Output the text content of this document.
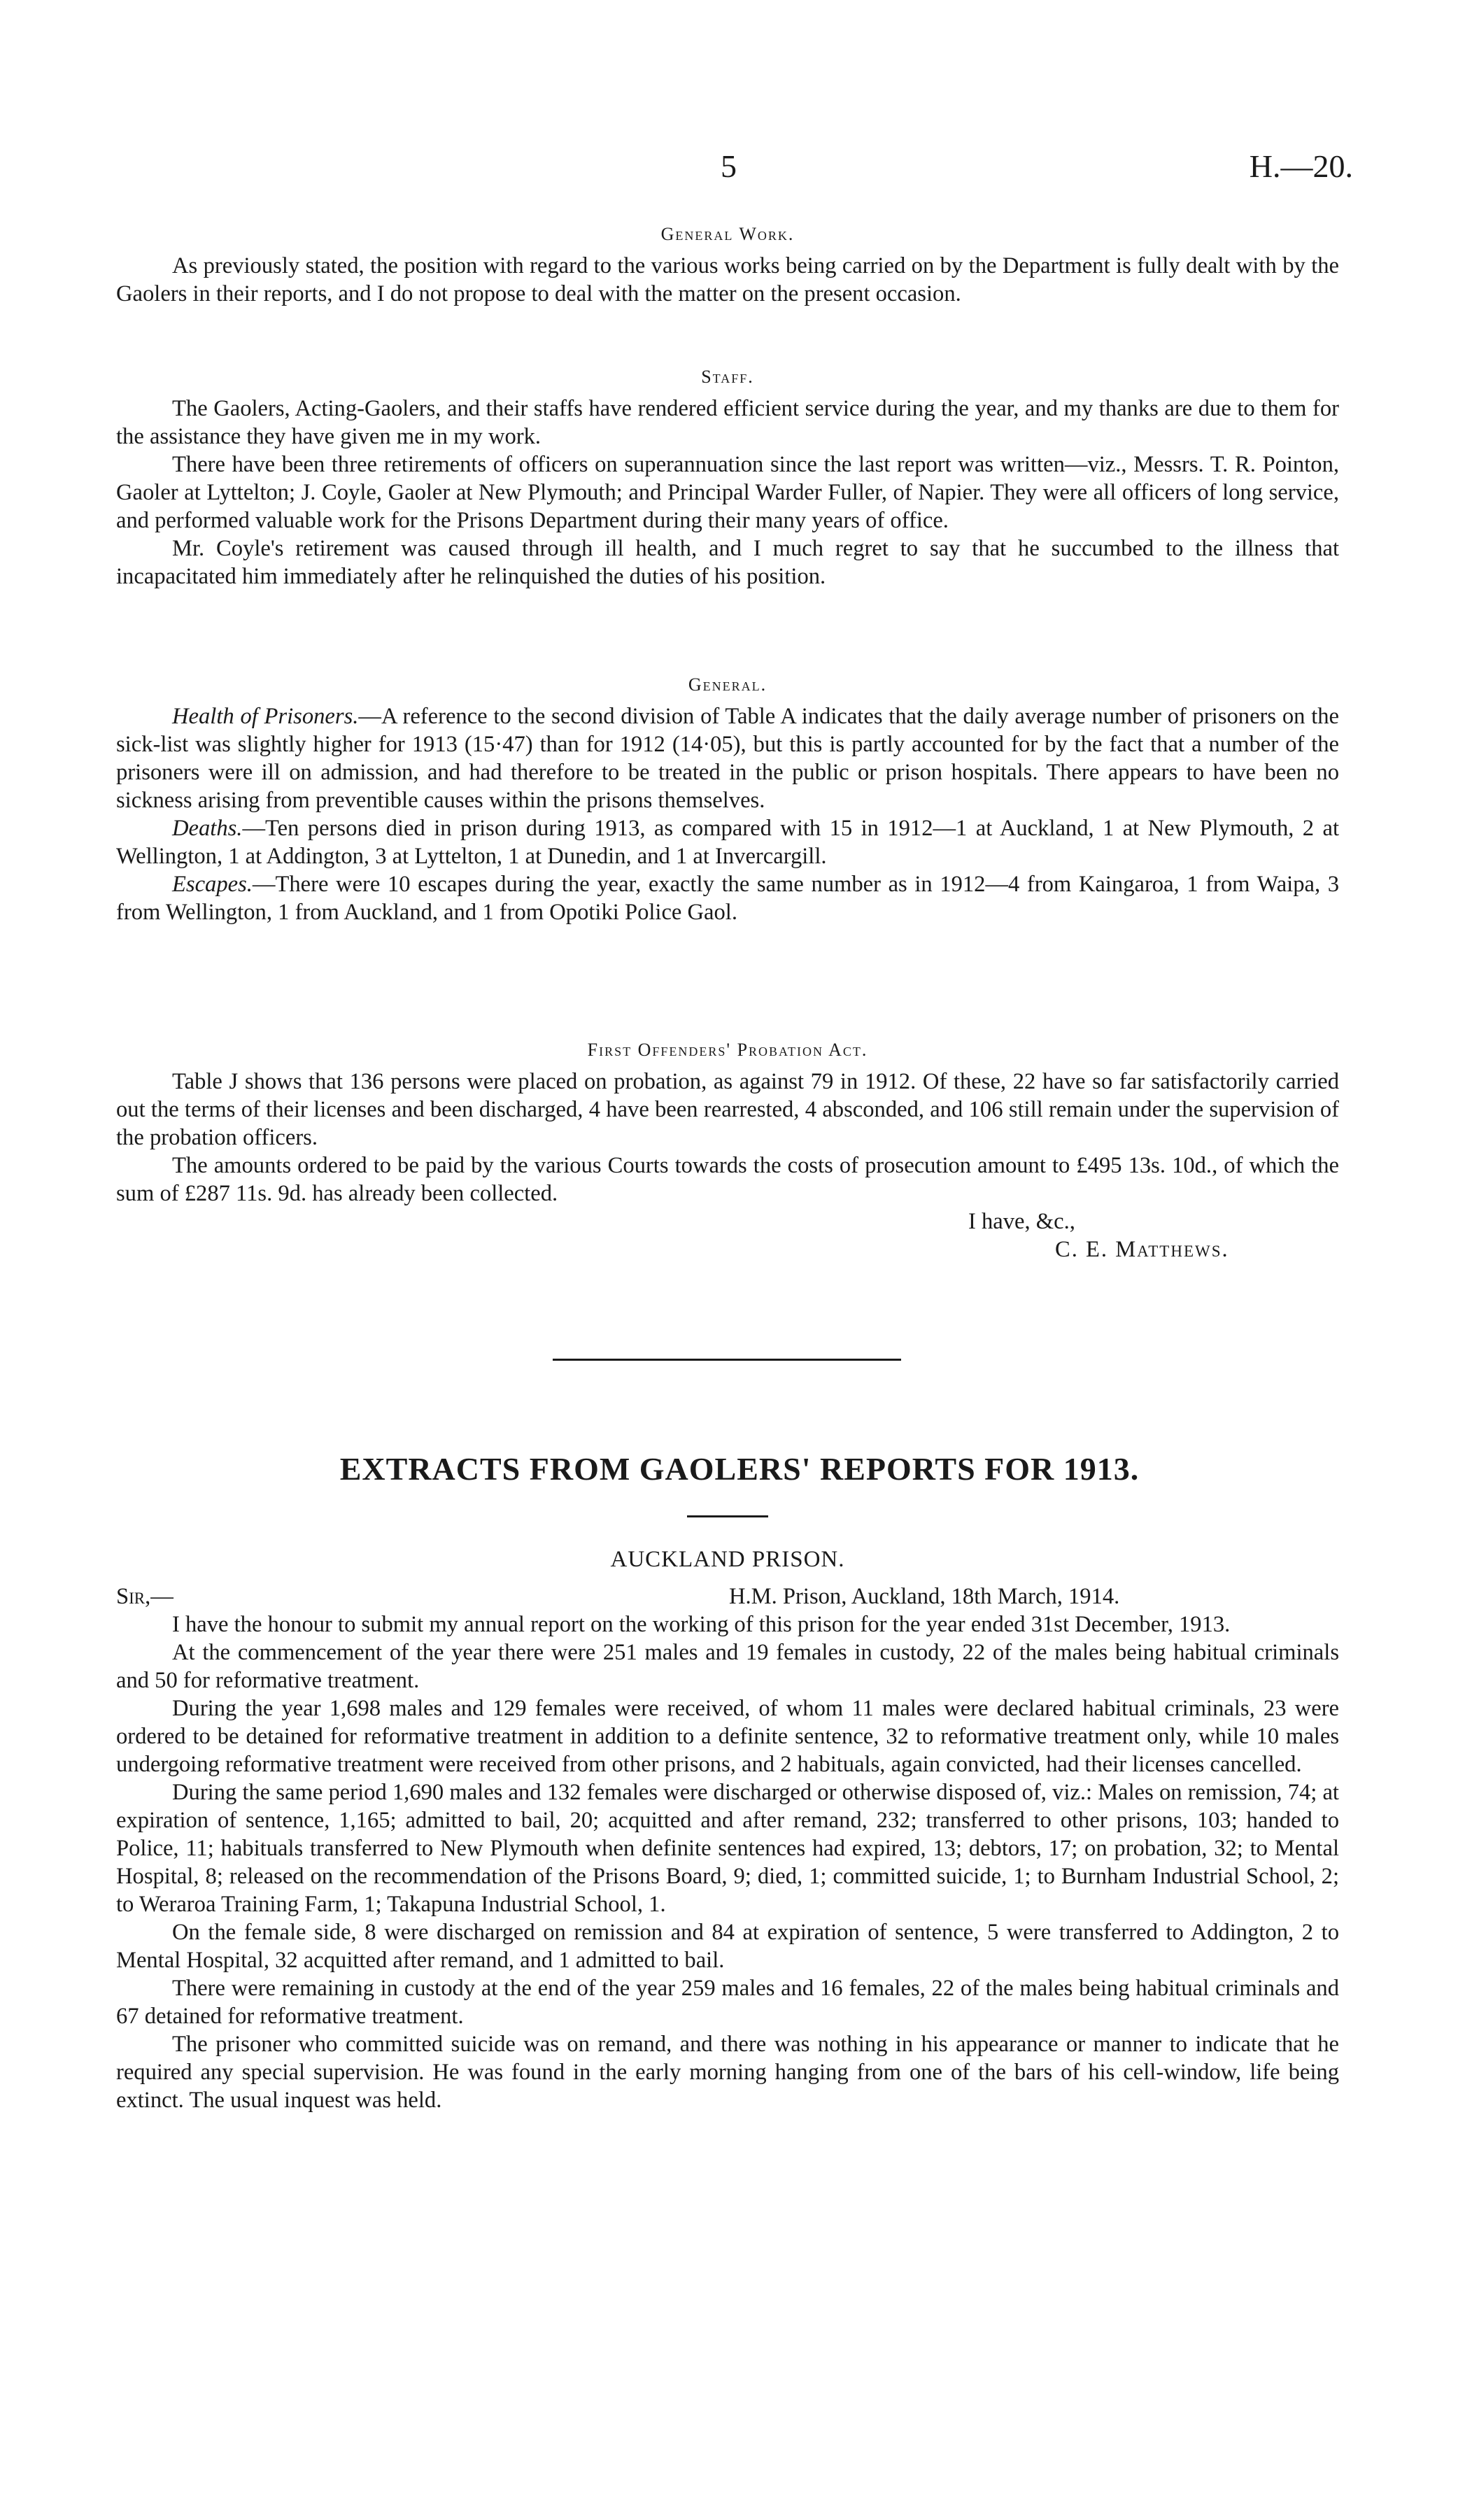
5	H.—20.
General Work.

As previously stated, the position with regard to the various works being carried on by the Department is fully dealt with by the Gaolers in their reports, and I do not propose to deal with the matter on the present occasion.

Staff.

The Gaolers, Acting-Gaolers, and their staffs have rendered efficient service during the year, and my thanks are due to them for the assistance they have given me in my work.

There have been three retirements of officers on superannuation since the last report was written—viz., Messrs. T. R. Pointon, Gaoler at Lyttelton; J. Coyle, Gaoler at New Plymouth; and Principal Warder Fuller, of Napier. They were all officers of long service, and performed valuable work for the Prisons Department during their many years of office.

Mr. Coyle's retirement was caused through ill health, and I much regret to say that he succumbed to the illness that incapacitated him immediately after he relinquished the duties of his position.

General.

Health of Prisoners.—A reference to the second division of Table A indicates that the daily average number of prisoners on the sick-list was slightly higher for 1913 (15·47) than for 1912 (14·05), but this is partly accounted for by the fact that a number of the prisoners were ill on admission, and had therefore to be treated in the public or prison hospitals. There appears to have been no sickness arising from preventible causes within the prisons themselves.

Deaths.—Ten persons died in prison during 1913, as compared with 15 in 1912—1 at Auckland, 1 at New Plymouth, 2 at Wellington, 1 at Addington, 3 at Lyttelton, 1 at Dunedin, and 1 at Invercargill.

Escapes.—There were 10 escapes during the year, exactly the same number as in 1912—4 from Kaingaroa, 1 from Waipa, 3 from Wellington, 1 from Auckland, and 1 from Opotiki Police Gaol.

First Offenders' Probation Act.

Table J shows that 136 persons were placed on probation, as against 79 in 1912. Of these, 22 have so far satisfactorily carried out the terms of their licenses and been discharged, 4 have been rearrested, 4 absconded, and 106 still remain under the supervision of the probation officers.

The amounts ordered to be paid by the various Courts towards the costs of prosecution amount to £495 13s. 10d., of which the sum of £287 11s. 9d. has already been collected.

I have, &c.,

C. E. Matthews.

EXTRACTS FROM GAOLERS' REPORTS FOR 1913.
AUCKLAND PRISON.
Sir,—	H.M. Prison, Auckland, 18th March, 1914.

I have the honour to submit my annual report on the working of this prison for the year ended 31st December, 1913.

At the commencement of the year there were 251 males and 19 females in custody, 22 of the males being habitual criminals and 50 for reformative treatment.

During the year 1,698 males and 129 females were received, of whom 11 males were declared habitual criminals, 23 were ordered to be detained for reformative treatment in addition to a definite sentence, 32 to reformative treatment only, while 10 males undergoing reformative treatment were received from other prisons, and 2 habituals, again convicted, had their licenses cancelled.

During the same period 1,690 males and 132 females were discharged or otherwise disposed of, viz.: Males on remission, 74; at expiration of sentence, 1,165; admitted to bail, 20; acquitted and after remand, 232; transferred to other prisons, 103; handed to Police, 11; habituals transferred to New Plymouth when definite sentences had expired, 13; debtors, 17; on probation, 32; to Mental Hospital, 8; released on the recommendation of the Prisons Board, 9; died, 1; committed suicide, 1; to Burnham Industrial School, 2; to Weraroa Training Farm, 1; Takapuna Industrial School, 1.

On the female side, 8 were discharged on remission and 84 at expiration of sentence, 5 were transferred to Addington, 2 to Mental Hospital, 32 acquitted after remand, and 1 admitted to bail.

There were remaining in custody at the end of the year 259 males and 16 females, 22 of the males being habitual criminals and 67 detained for reformative treatment.

The prisoner who committed suicide was on remand, and there was nothing in his appearance or manner to indicate that he required any special supervision. He was found in the early morning hanging from one of the bars of his cell-window, life being extinct. The usual inquest was held.
